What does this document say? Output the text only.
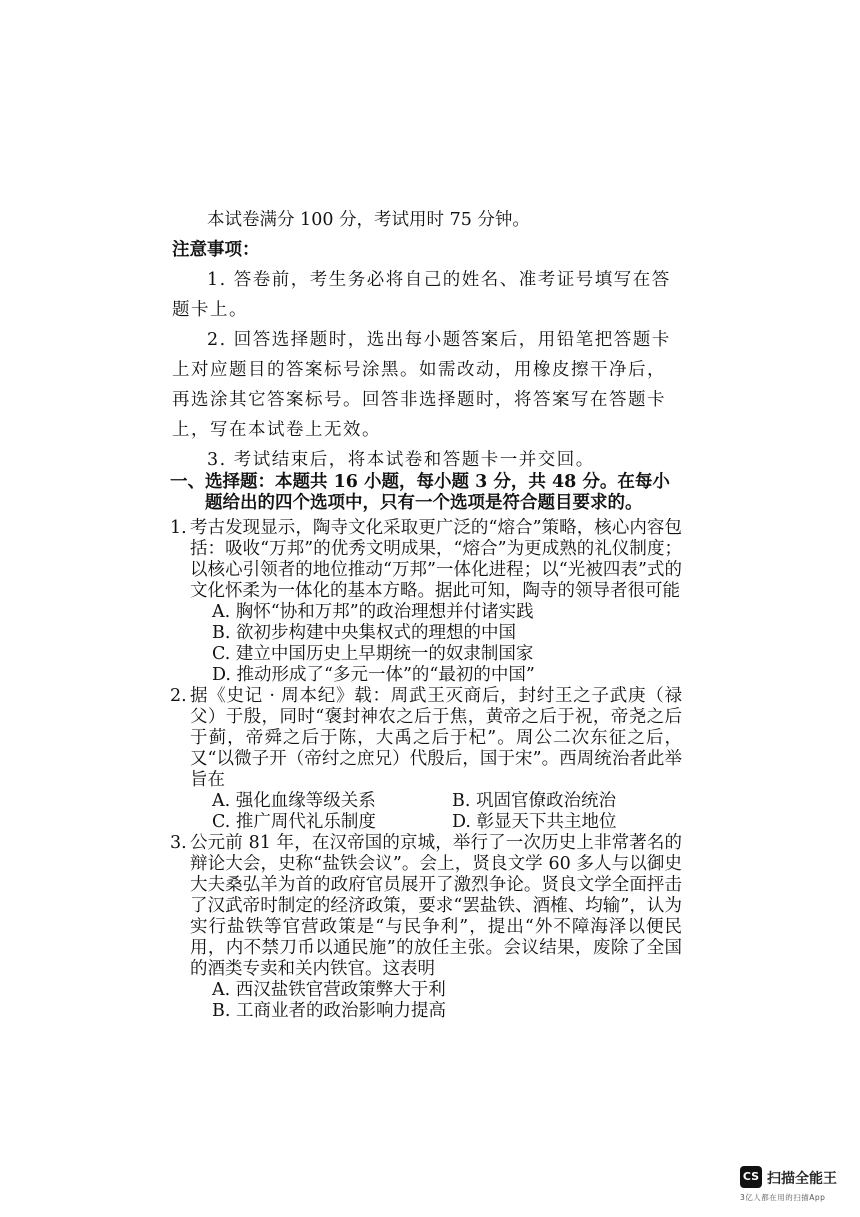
本试卷满分 100 分，考试用时 75 分钟。

注意事项：

1. 答卷前，考生务必将自己的姓名、准考证号填写在答题卡上。

2. 回答选择题时，选出每小题答案后，用铅笔把答题卡上对应题目的答案标号涂黑。如需改动，用橡皮擦干净后，再选涂其它答案标号。回答非选择题时，将答案写在答题卡上，写在本试卷上无效。

3. 考试结束后，将本试卷和答题卡一并交回。

一、 选择题：本题共 16 小题，每小题 3 分，共 48 分。在每小题给出的四个选项中，只有一个选项是符合题目要求的。
1. 考古发现显示，陶寺文化采取更广泛的“熔合”策略，核心内容包括：吸收“万邦”的优秀文明成果，“熔合”为更成熟的礼仪制度；以核心引领者的地位推动“万邦”一体化进程；以“光被四表”式的文化怀柔为一体化的基本方略。据此可知，陶寺的领导者很可能
A. 胸怀“协和万邦”的政治理想并付诸实践
B. 欲初步构建中央集权式的理想的中国
C. 建立中国历史上早期统一的奴隶制国家
D. 推动形成了“多元一体”的“最初的中国”
2. 据《史记 · 周本纪》载：周武王灭商后，封纣王之子武庚（禄父）于殷，同时“褒封神农之后于焦，黄帝之后于祝，帝尧之后于蓟，帝舜之后于陈，大禹之后于杞”。周公二次东征之后，又“以微子开（帝纣之庶兄）代殷后，国于宋”。西周统治者此举旨在
A. 强化血缘等级关系	B. 巩固官僚政治统治
C. 推广周代礼乐制度	D. 彰显天下共主地位
3. 公元前 81 年，在汉帝国的京城，举行了一次历史上非常著名的辩论大会，史称“盐铁会议”。会上，贤良文学 60 多人与以御史大夫桑弘羊为首的政府官员展开了激烈争论。贤良文学全面抨击了汉武帝时制定的经济政策，要求“罢盐铁、酒榷、均输”，认为实行盐铁等官营政策是“与民争利”，提出“外不障海泽以便民用，内不禁刀币以通民施”的放任主张。会议结果，废除了全国的酒类专卖和关内铁官。这表明
A. 西汉盐铁官营政策弊大于利
B. 工商业者的政治影响力提高
CS 扫描全能王
3亿人都在用的扫描App
